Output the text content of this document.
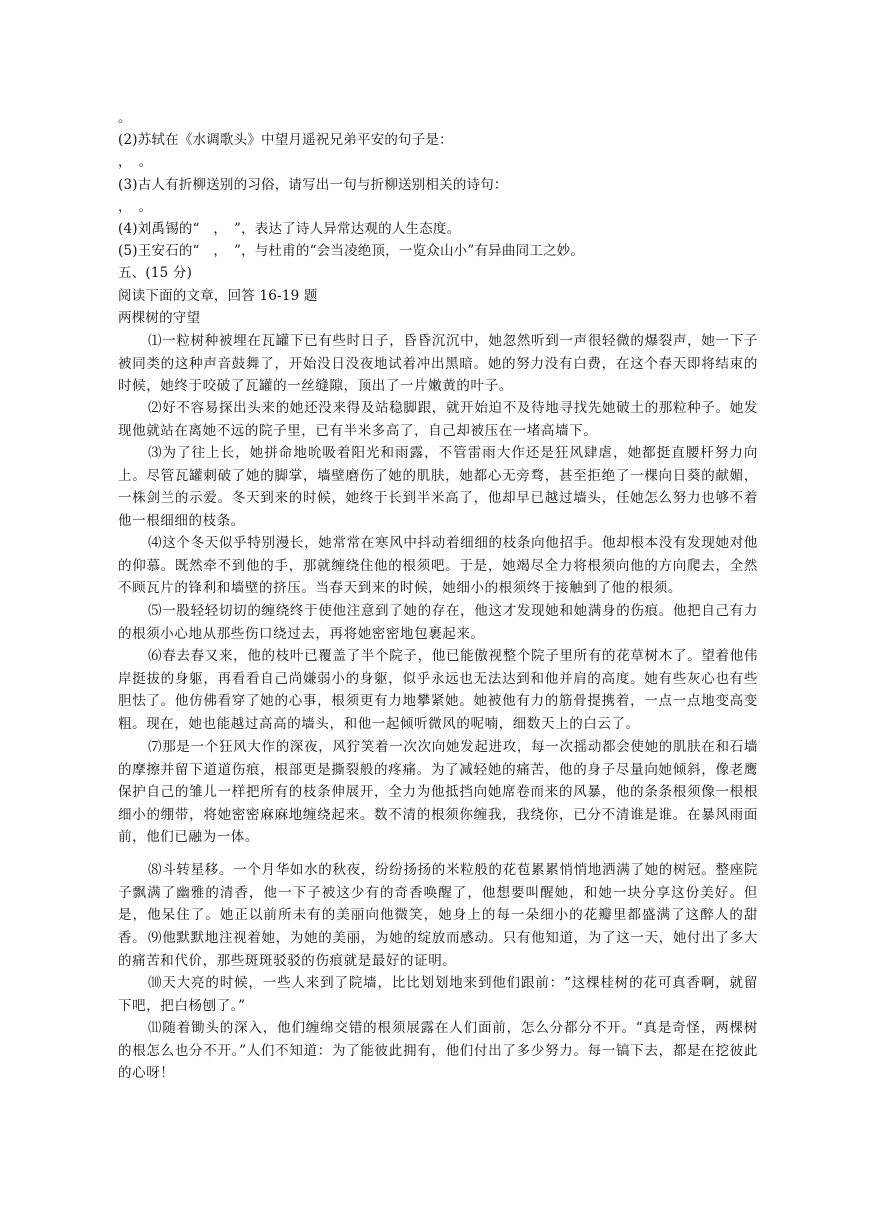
。
(2)苏轼在《水调歌头》中望月遥祝兄弟平安的句子是：
，　。
(3)古人有折柳送别的习俗，请写出一句与折柳送别相关的诗句：
，　。
(4)刘禹锡的“　，　”，表达了诗人异常达观的人生态度。
(5)王安石的“　，　”，与杜甫的“会当凌绝顶，一览众山小”有异曲同工之妙。
五、(15 分)
阅读下面的文章，回答 16-19 题
两棵树的守望
⑴一粒树种被埋在瓦罐下已有些时日子，昏昏沉沉中，她忽然听到一声很轻微的爆裂声，她一下子被同类的这种声音鼓舞了，开始没日没夜地试着冲出黑暗。她的努力没有白费，在这个春天即将结束的时候，她终于咬破了瓦罐的一丝缝隙，顶出了一片嫩黄的叶子。
⑵好不容易探出头来的她还没来得及站稳脚跟，就开始迫不及待地寻找先她破土的那粒种子。她发现他就站在离她不远的院子里，已有半米多高了，自己却被压在一堵高墙下。
⑶为了往上长，她拼命地吮吸着阳光和雨露，不管雷雨大作还是狂风肆虐，她都挺直腰杆努力向上。尽管瓦罐刺破了她的脚掌，墙壁磨伤了她的肌肤，她都心无旁骛，甚至拒绝了一棵向日葵的献媚，一株剑兰的示爱。冬天到来的时候，她终于长到半米高了，他却早已越过墙头，任她怎么努力也够不着他一根细细的枝条。
⑷这个冬天似乎特别漫长，她常常在寒风中抖动着细细的枝条向他招手。他却根本没有发现她对他的仰慕。既然牵不到他的手，那就缠绕住他的根须吧。于是，她竭尽全力将根须向他的方向爬去，全然不顾瓦片的锋利和墙壁的挤压。当春天到来的时候，她细小的根须终于接触到了他的根须。
⑸一股轻轻切切的缠绕终于使他注意到了她的存在，他这才发现她和她满身的伤痕。他把自己有力的根须小心地从那些伤口绕过去，再将她密密地包裹起来。
⑹春去春又来，他的枝叶已覆盖了半个院子，他已能傲视整个院子里所有的花草树木了。望着他伟岸挺拔的身躯，再看看自己尚嫌弱小的身躯，似乎永远也无法达到和他并肩的高度。她有些灰心也有些胆怯了。他仿佛看穿了她的心事，根须更有力地攀紧她。她被他有力的筋骨提携着，一点一点地变高变粗。现在，她也能越过高高的墙头，和他一起倾听微风的呢喃，细数天上的白云了。
⑺那是一个狂风大作的深夜，风狞笑着一次次向她发起进攻，每一次摇动都会使她的肌肤在和石墙的摩擦并留下道道伤痕，根部更是撕裂般的疼痛。为了减轻她的痛苦，他的身子尽量向她倾斜，像老鹰保护自己的雏儿一样把所有的枝条伸展开，全力为他抵挡向她席卷而来的风暴，他的条条根须像一根根细小的绷带，将她密密麻麻地缠绕起来。数不清的根须你缠我，我绕你，已分不清谁是谁。在暴风雨面前，他们已融为一体。
⑻斗转星移。一个月华如水的秋夜，纷纷扬扬的米粒般的花苞累累悄悄地洒满了她的树冠。整座院子飘满了幽雅的清香，他一下子被这少有的奇香唤醒了，他想要叫醒她，和她一块分享这份美好。但是，他呆住了。她正以前所未有的美丽向他微笑，她身上的每一朵细小的花瓣里都盛满了这醉人的甜香。 ⑼他默默地注视着她，为她的美丽，为她的绽放而感动。只有他知道，为了这一天，她付出了多大的痛苦和代价，那些斑斑驳驳的伤痕就是最好的证明。
⑽天大亮的时候，一些人来到了院墙，比比划划地来到他们跟前：“这棵桂树的花可真香啊，就留下吧，把白杨刨了。”
⑾随着锄头的深入，他们缠绵交错的根须展露在人们面前，怎么分都分不开。“真是奇怪，两棵树的根怎么也分不开。”人们不知道：为了能彼此拥有，他们付出了多少努力。每一镐下去，都是在挖彼此的心呀！
